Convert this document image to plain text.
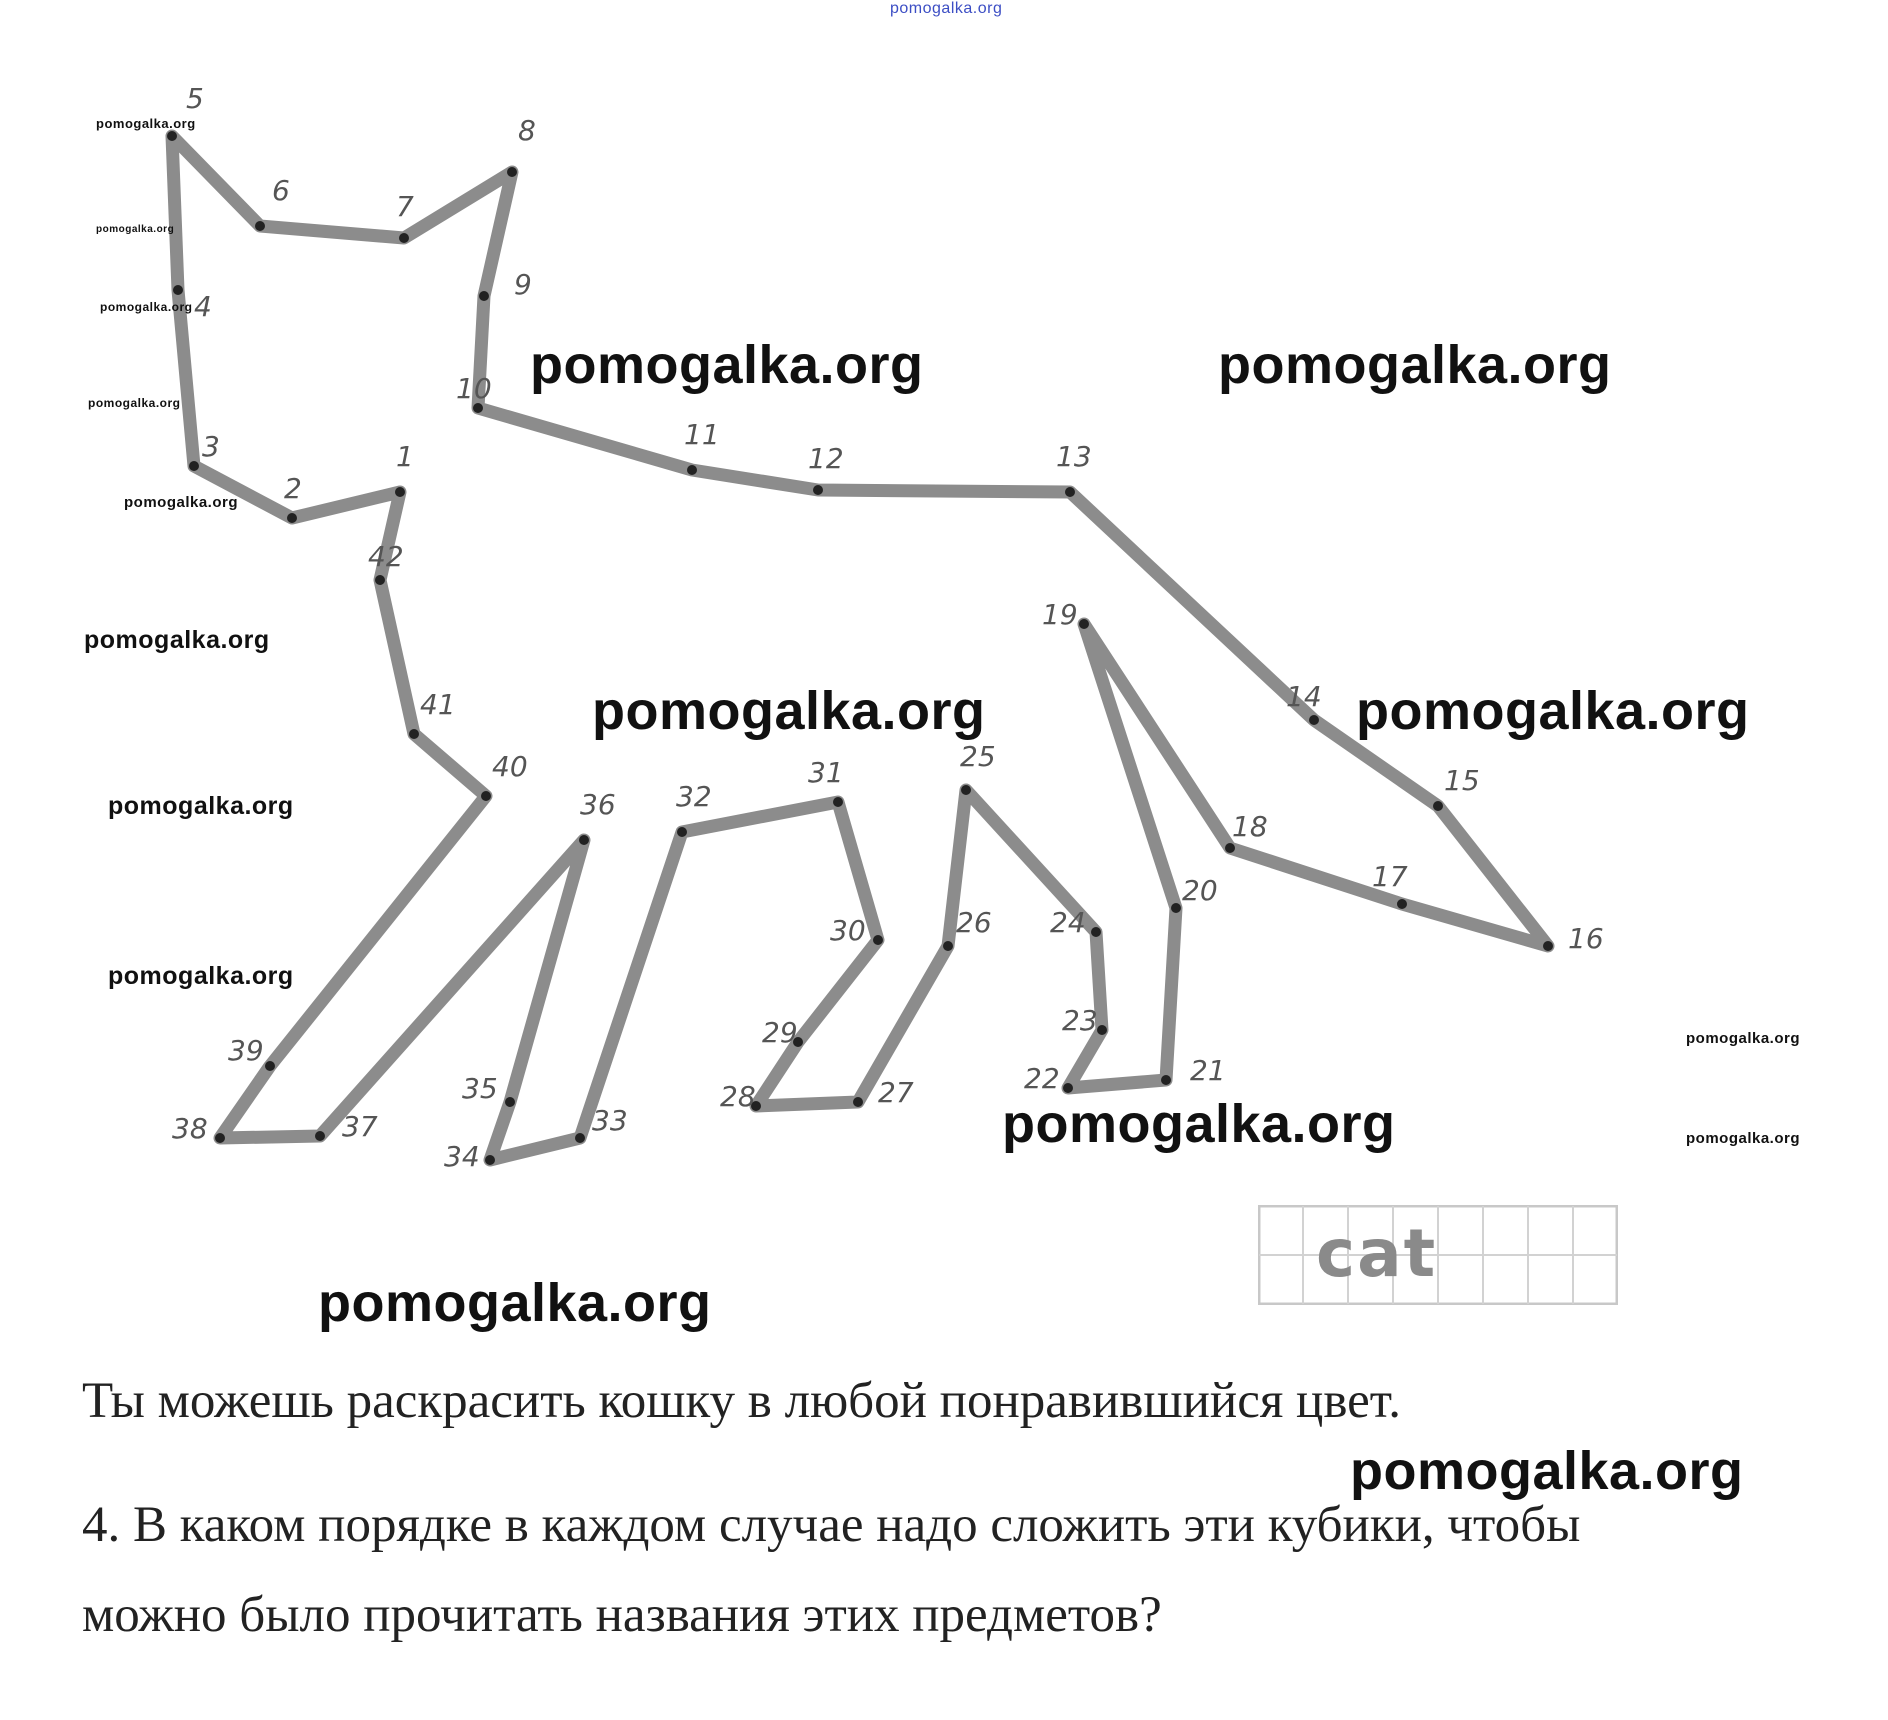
pomogalka.org
1
2
3
4
5
6	7
8
9
10
11
12	13
14
15
16
17
18
19
20
21
22
23
24
25
26
27
28
29
30
31
32
33
34
35
36
37
38
39
40
41
42
pomogalka.org	pomogalka.org
pomogalka.org	pomogalka.org
pomogalka.org
pomogalka.org
pomogalka.org
pomogalka.org
pomogalka.org
pomogalka.org
pomogalka.org
pomogalka.org
pomogalka.org
pomogalka.org
pomogalka.org
pomogalka.org
pomogalka.org
cat
Ты можешь раскрасить кошку в любой понравившийся цвет.
4. В каком порядке в каждом случае надо сложить эти кубики, чтобы
можно было прочитать названия этих предметов?
